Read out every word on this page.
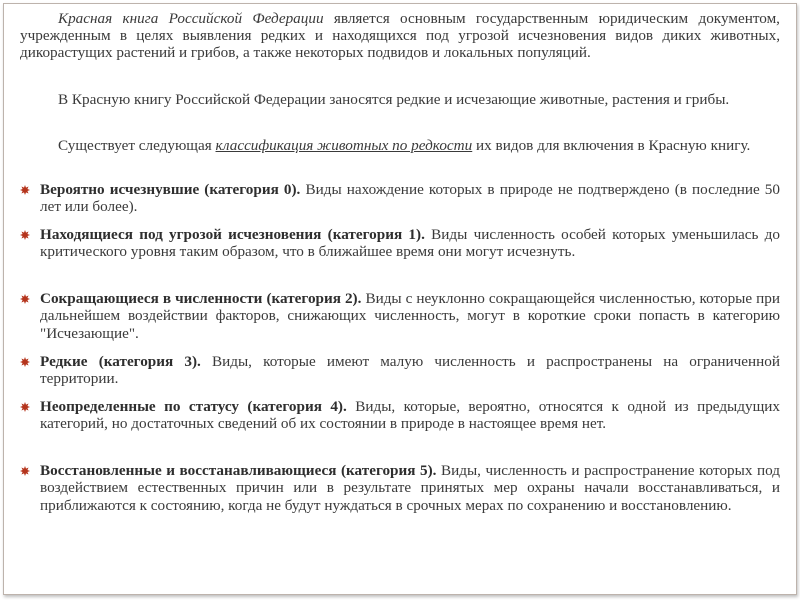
Красная книга Российской Федерации является основным государственным юридическим документом, учрежденным в целях выявления редких и находящихся под угрозой исчезновения видов диких животных, дикорастущих растений и грибов, а также некоторых подвидов и локальных популяций.

В Красную книгу Российской Федерации заносятся редкие и исчезающие животные, растения и грибы.

Существует следующая классификация животных по редкости их видов для включения в Красную книгу.

Вероятно исчезнувшие (категория 0). Виды нахождение которых в природе не подтверждено (в последние 50 лет или более).
Находящиеся под угрозой исчезновения (категория 1). Виды численность особей которых уменьшилась до критического уровня таким образом, что в ближайшее время они могут исчезнуть.
Сокращающиеся в численности (категория 2). Виды с неуклонно сокращающейся численностью, которые при дальнейшем воздействии факторов, снижающих численность, могут в короткие сроки попасть в категорию "Исчезающие".
Редкие (категория 3). Виды, которые имеют малую численность и распространены на ограниченной территории.
Неопределенные по статусу (категория 4). Виды, которые, вероятно, относятся к одной из предыдущих категорий, но достаточных сведений об их состоянии в природе в настоящее время нет.
Восстановленные и восстанавливающиеся (категория 5). Виды, численность и распространение которых под воздействием естественных причин или в результате принятых мер охраны начали восстанавливаться, и приближаются к состоянию, когда не будут нуждаться в срочных мерах по сохранению и восстановлению.
